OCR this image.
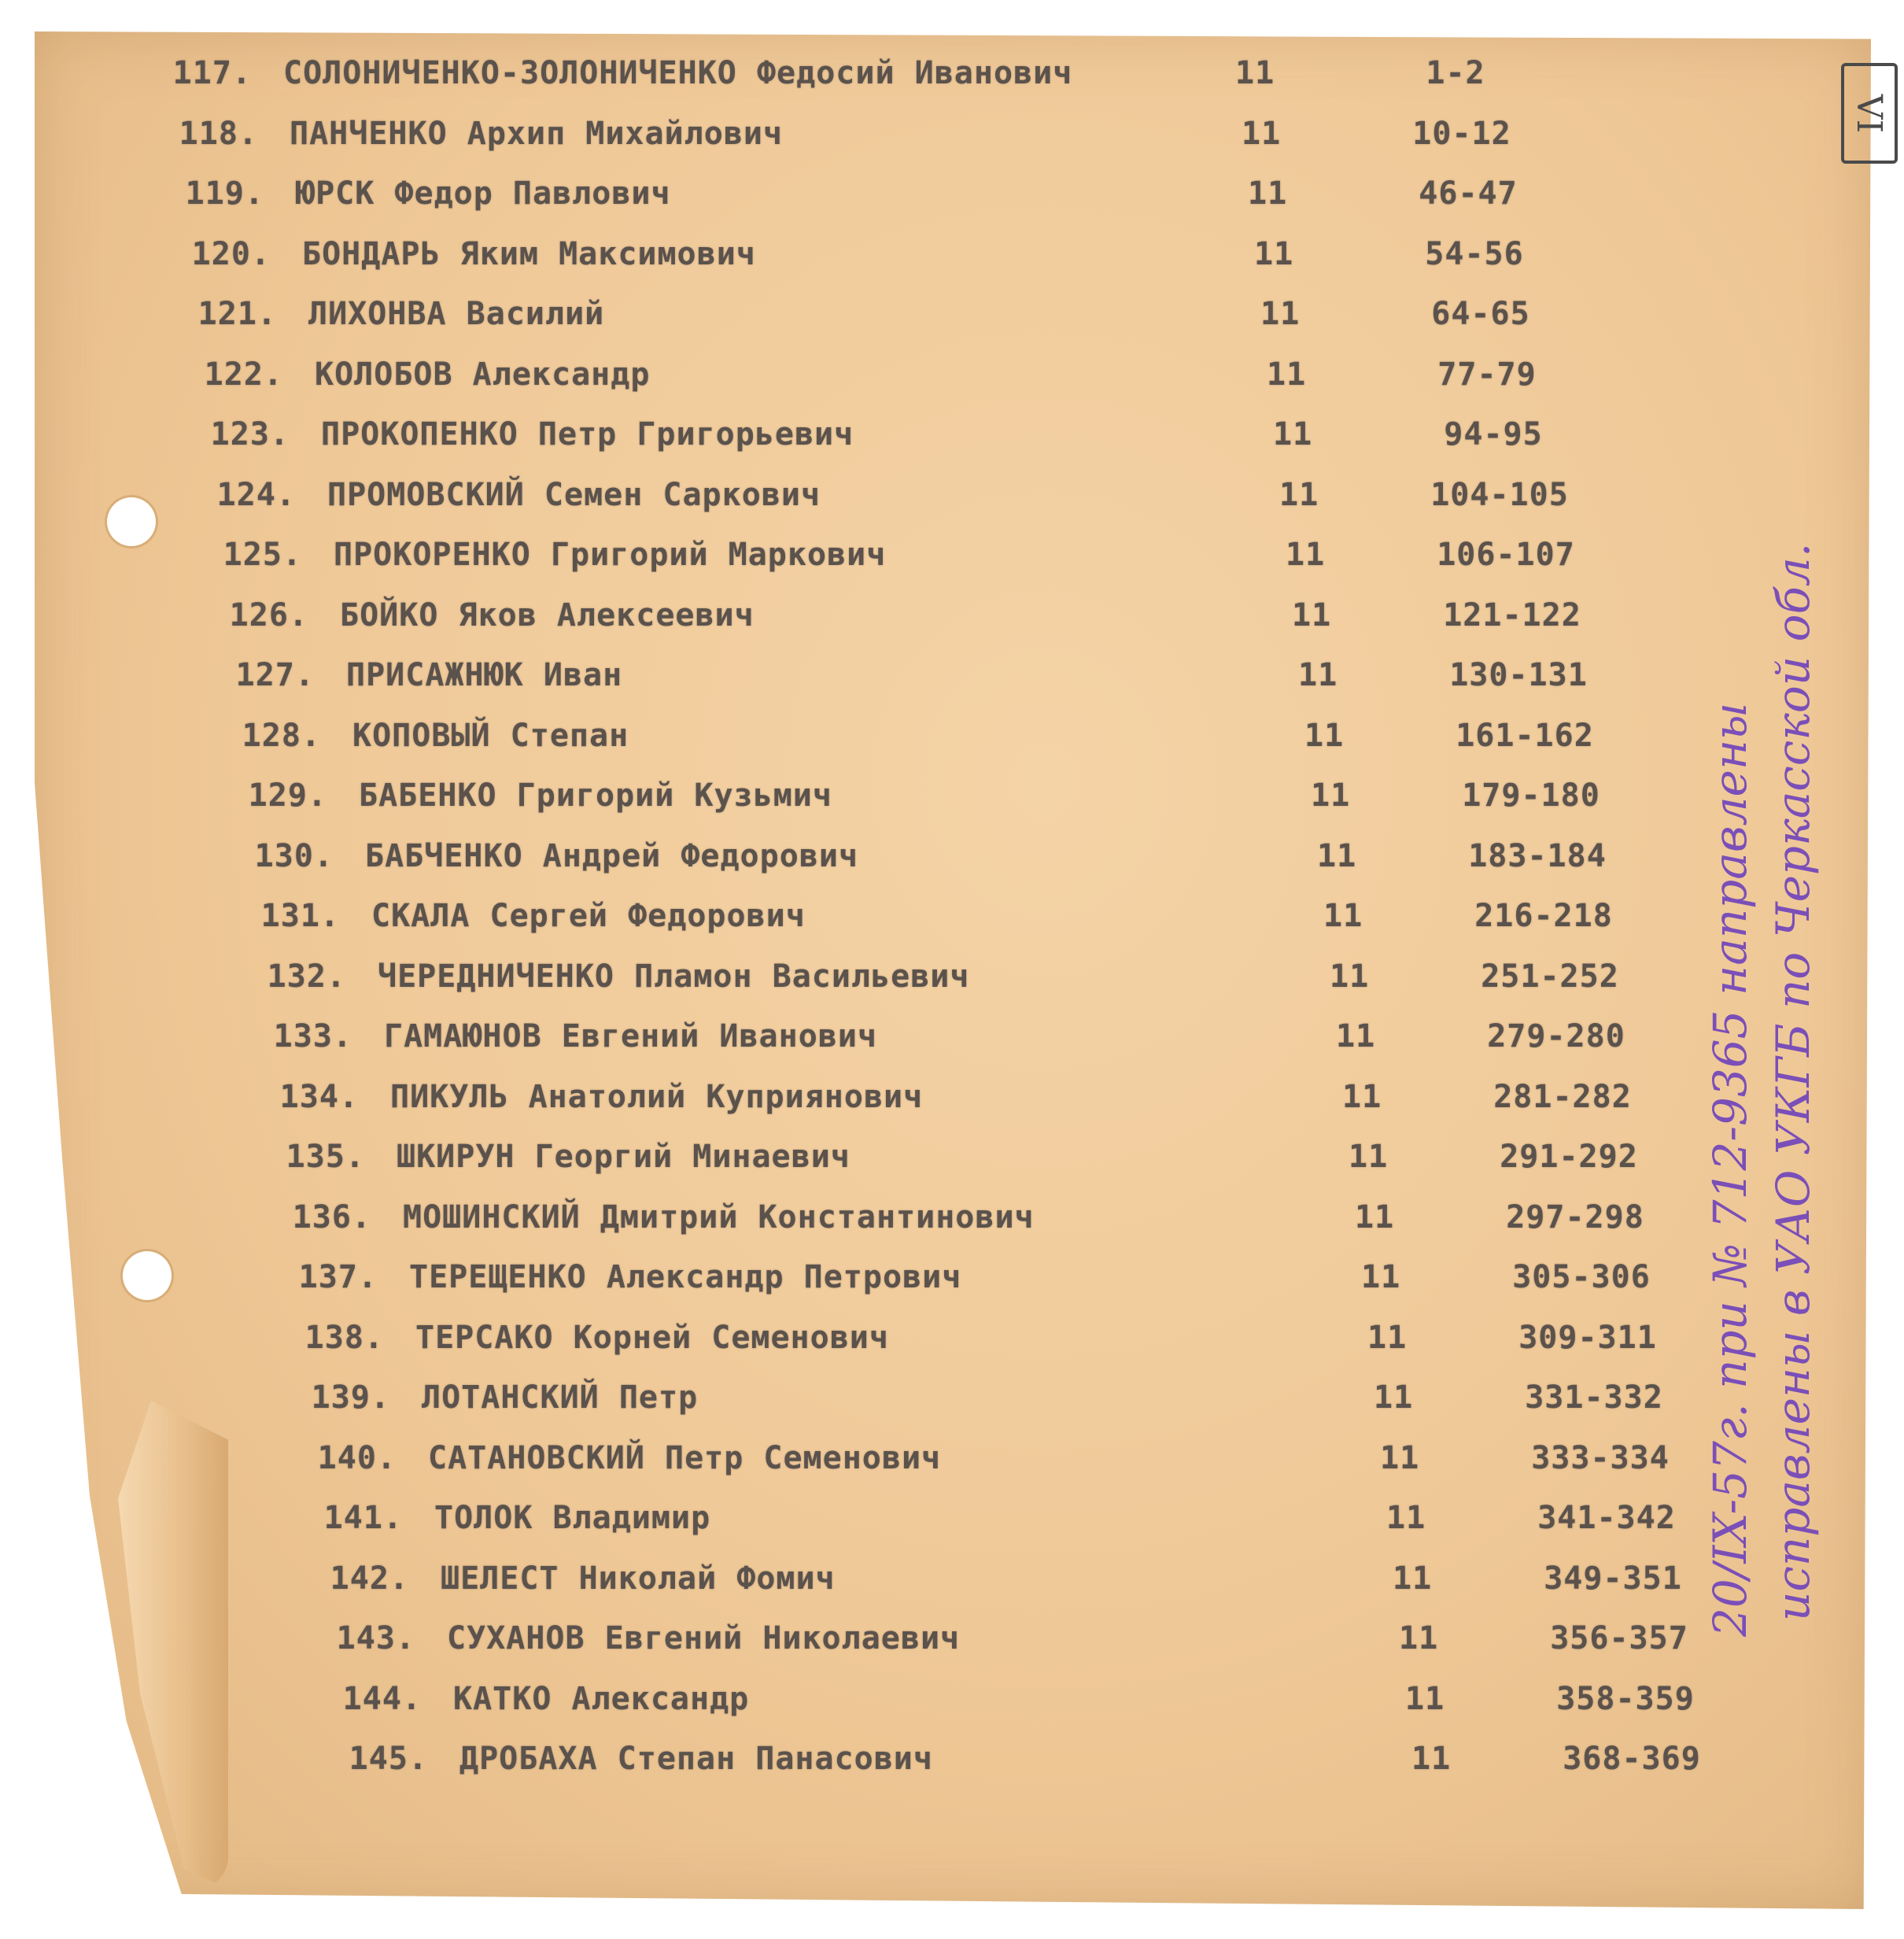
117. СОЛОНИЧЕНКО-ЗОЛОНИЧЕНКО Федосий Иванович	11	1-2
118. ПАНЧЕНКО Архип Михайлович	11	10-12
119. ЮРСК Федор Павлович	11	46-47
120. БОНДАРЬ Яким Максимович	11	54-56
121. ЛИХОНВА Василий	11	64-65
122. КОЛОБОВ Александр	11	77-79
123. ПРОКОПЕНКО Петр Григорьевич	11	94-95
124. ПРОМОВСКИЙ Семен Саркович	11	104-105
125. ПРОКОРЕНКО Григорий Маркович	11	106-107
126. БОЙКО Яков Алексеевич	11	121-122
127. ПРИСАЖНЮК Иван	11	130-131
128. КОПОВЫЙ Степан	11	161-162
129. БАБЕНКО Григорий Кузьмич	11	179-180
130. БАБЧЕНКО Андрей Федорович	11	183-184
131. СКАЛА Сергей Федорович	11	216-218
132. ЧЕРЕДНИЧЕНКО Пламон Васильевич	11	251-252
133. ГАМАЮНОВ Евгений Иванович	11	279-280
134. ПИКУЛЬ Анатолий Куприянович	11	281-282
135. ШКИРУН Георгий Минаевич	11	291-292
136. МОШИНСКИЙ Дмитрий Константинович	11	297-298
137. ТЕРЕЩЕНКО Александр Петрович	11	305-306
138. ТЕРСАКО Корней Семенович	11	309-311
139. ЛОТАНСКИЙ Петр	11	331-332
140. САТАНОВСКИЙ Петр Семенович	11	333-334
141. ТОЛОК Владимир	11	341-342
142. ШЕЛЕСТ Николай Фомич	11	349-351
143. СУХАНОВ Евгений Николаевич	11	356-357
144. КАТКО Александр	11	358-359
145. ДРОБАХА Степан Панасович	11	368-369
20/IX-57г. при № 712-9365 направлены исправлены в УАО УКГБ по Черкасской обл.
VI
